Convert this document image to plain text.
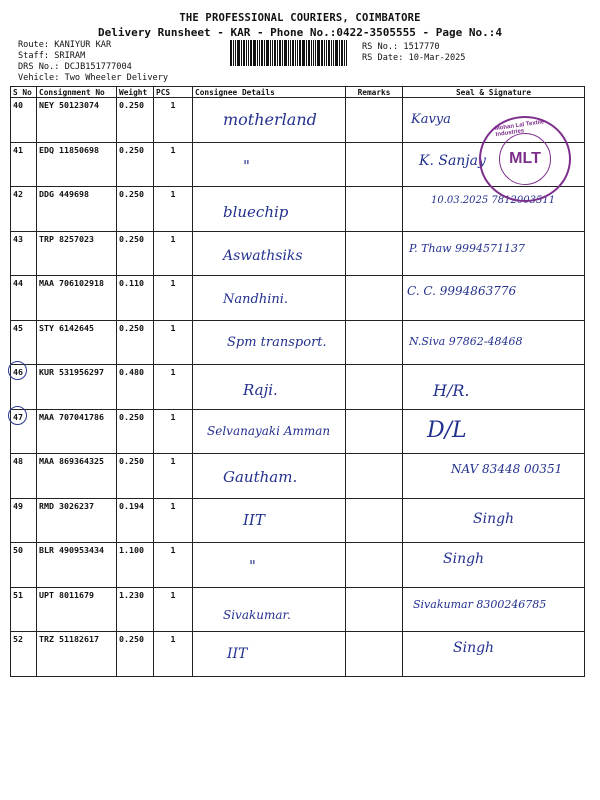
THE PROFESSIONAL COURIERS, COIMBATORE
Delivery Runsheet - KAR - Phone No.:0422-3505555 - Page No.:4
Route: KANIYUR KAR
Staff: SRIRAM
DRS No.: DCJB151777004
Vehicle: Two Wheeler Delivery
RS No.: 1517770
RS Date: 10-Mar-2025
S No	Consignment No	Weight	PCS	Consignee Details	Remarks	Seal & Signature
40	NEY 50123074	0.250	1	motherland		Kavya

41	EDQ 11850698	0.250	1	"		K. Sanjay

42	DDG 449698	0.250	1	bluechip		10.03.2025 7812003511

43	TRP 8257023	0.250	1	Aswathsiks		P. Thaw 9994571137

44	MAA 706102918	0.110	1	Nandhini.		C. C. 9994863776

45	STY 6142645	0.250	1	Spm transport.		N.Siva 97862-48468

46	KUR 531956297	0.480	1	Raji.		H/R.

47	MAA 707041786	0.250	1	Selvanayaki Amman		D/L

48	MAA 869364325	0.250	1	Gautham.		NAV 83448 00351

49	RMD 3026237	0.194	1	IIT		Singh

50	BLR 490953434	1.100	1	"		Singh

51	UPT 8011679	1.230	1	Sivakumar.		Sivakumar 8300246785

52	TRZ 51182617	0.250	1	IIT		Singh
MLT
Mohan Lal Textile Industries
